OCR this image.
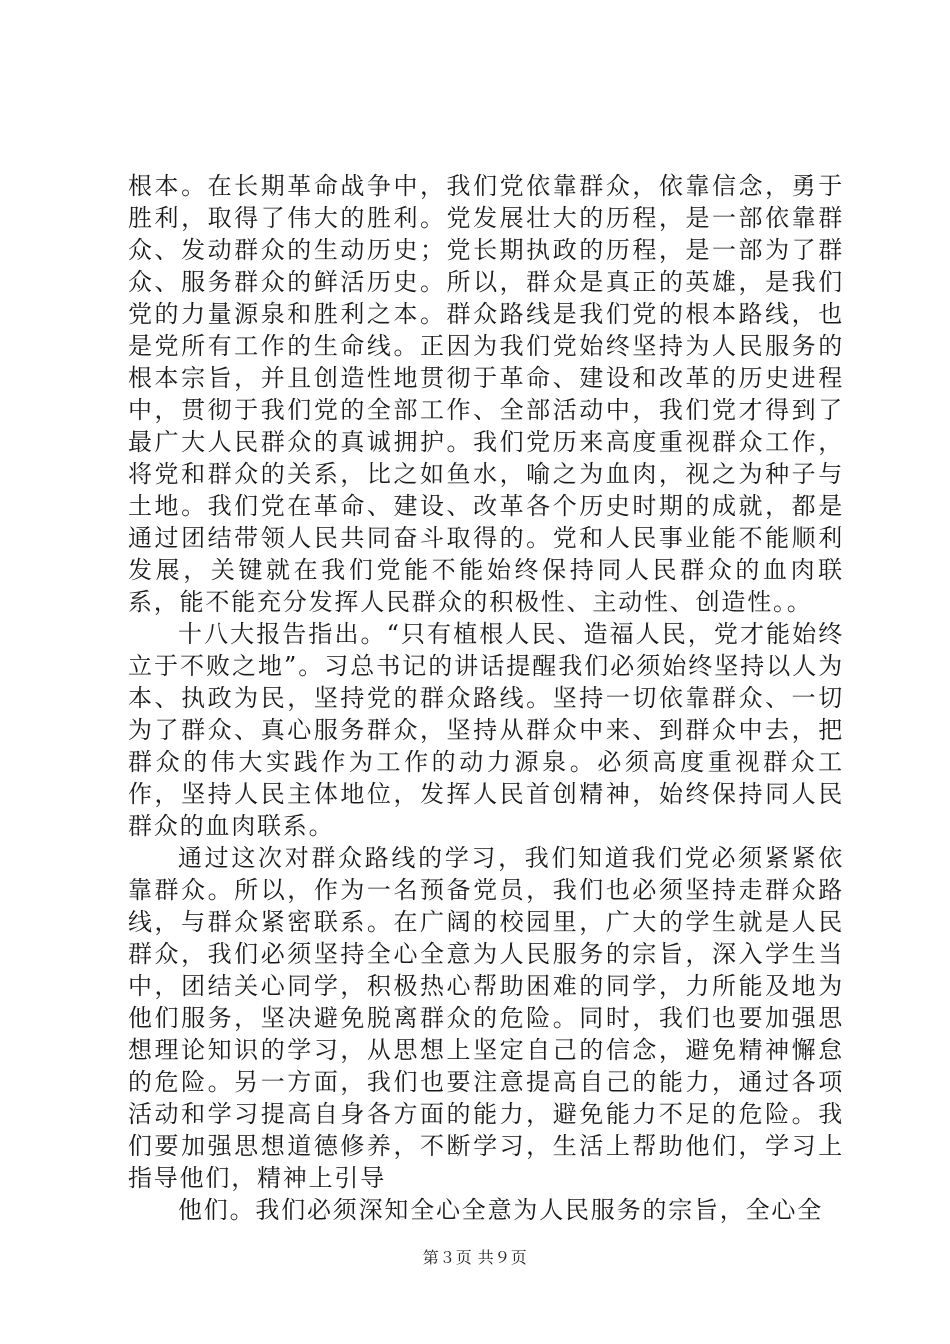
根本。在长期革命战争中，我们党依靠群众，依靠信念，勇于胜利，取得了伟大的胜利。党发展壮大的历程，是一部依靠群众、发动群众的生动历史；党长期执政的历程，是一部为了群众、服务群众的鲜活历史。所以，群众是真正的英雄，是我们党的力量源泉和胜利之本。群众路线是我们党的根本路线，也是党所有工作的生命线。正因为我们党始终坚持为人民服务的根本宗旨，并且创造性地贯彻于革命、建设和改革的历史进程中，贯彻于我们党的全部工作、全部活动中，我们党才得到了最广大人民群众的真诚拥护。我们党历来高度重视群众工作，将党和群众的关系，比之如鱼水，喻之为血肉，视之为种子与土地。我们党在革命、建设、改革各个历史时期的成就，都是通过团结带领人民共同奋斗取得的。党和人民事业能不能顺利发展，关键就在我们党能不能始终保持同人民群众的血肉联系，能不能充分发挥人民群众的积极性、主动性、创造性。。

十八大报告指出。“只有植根人民、造福人民，党才能始终立于不败之地”。习总书记的讲话提醒我们必须始终坚持以人为本、执政为民，坚持党的群众路线。坚持一切依靠群众、一切为了群众、真心服务群众，坚持从群众中来、到群众中去，把群众的伟大实践作为工作的动力源泉。必须高度重视群众工作，坚持人民主体地位，发挥人民首创精神，始终保持同人民群众的血肉联系。

通过这次对群众路线的学习，我们知道我们党必须紧紧依靠群众。所以，作为一名预备党员，我们也必须坚持走群众路线，与群众紧密联系。在广阔的校园里，广大的学生就是人民群众，我们必须坚持全心全意为人民服务的宗旨，深入学生当中，团结关心同学，积极热心帮助困难的同学，力所能及地为他们服务，坚决避免脱离群众的危险。同时，我们也要加强思想理论知识的学习，从思想上坚定自己的信念，避免精神懈怠的危险。另一方面，我们也要注意提高自己的能力，通过各项活动和学习提高自身各方面的能力，避免能力不足的危险。我们要加强思想道德修养，不断学习，生活上帮助他们，学习上指导他们，精神上引导

他们。我们必须深知全心全意为人民服务的宗旨，全心全

第３页 共９页
